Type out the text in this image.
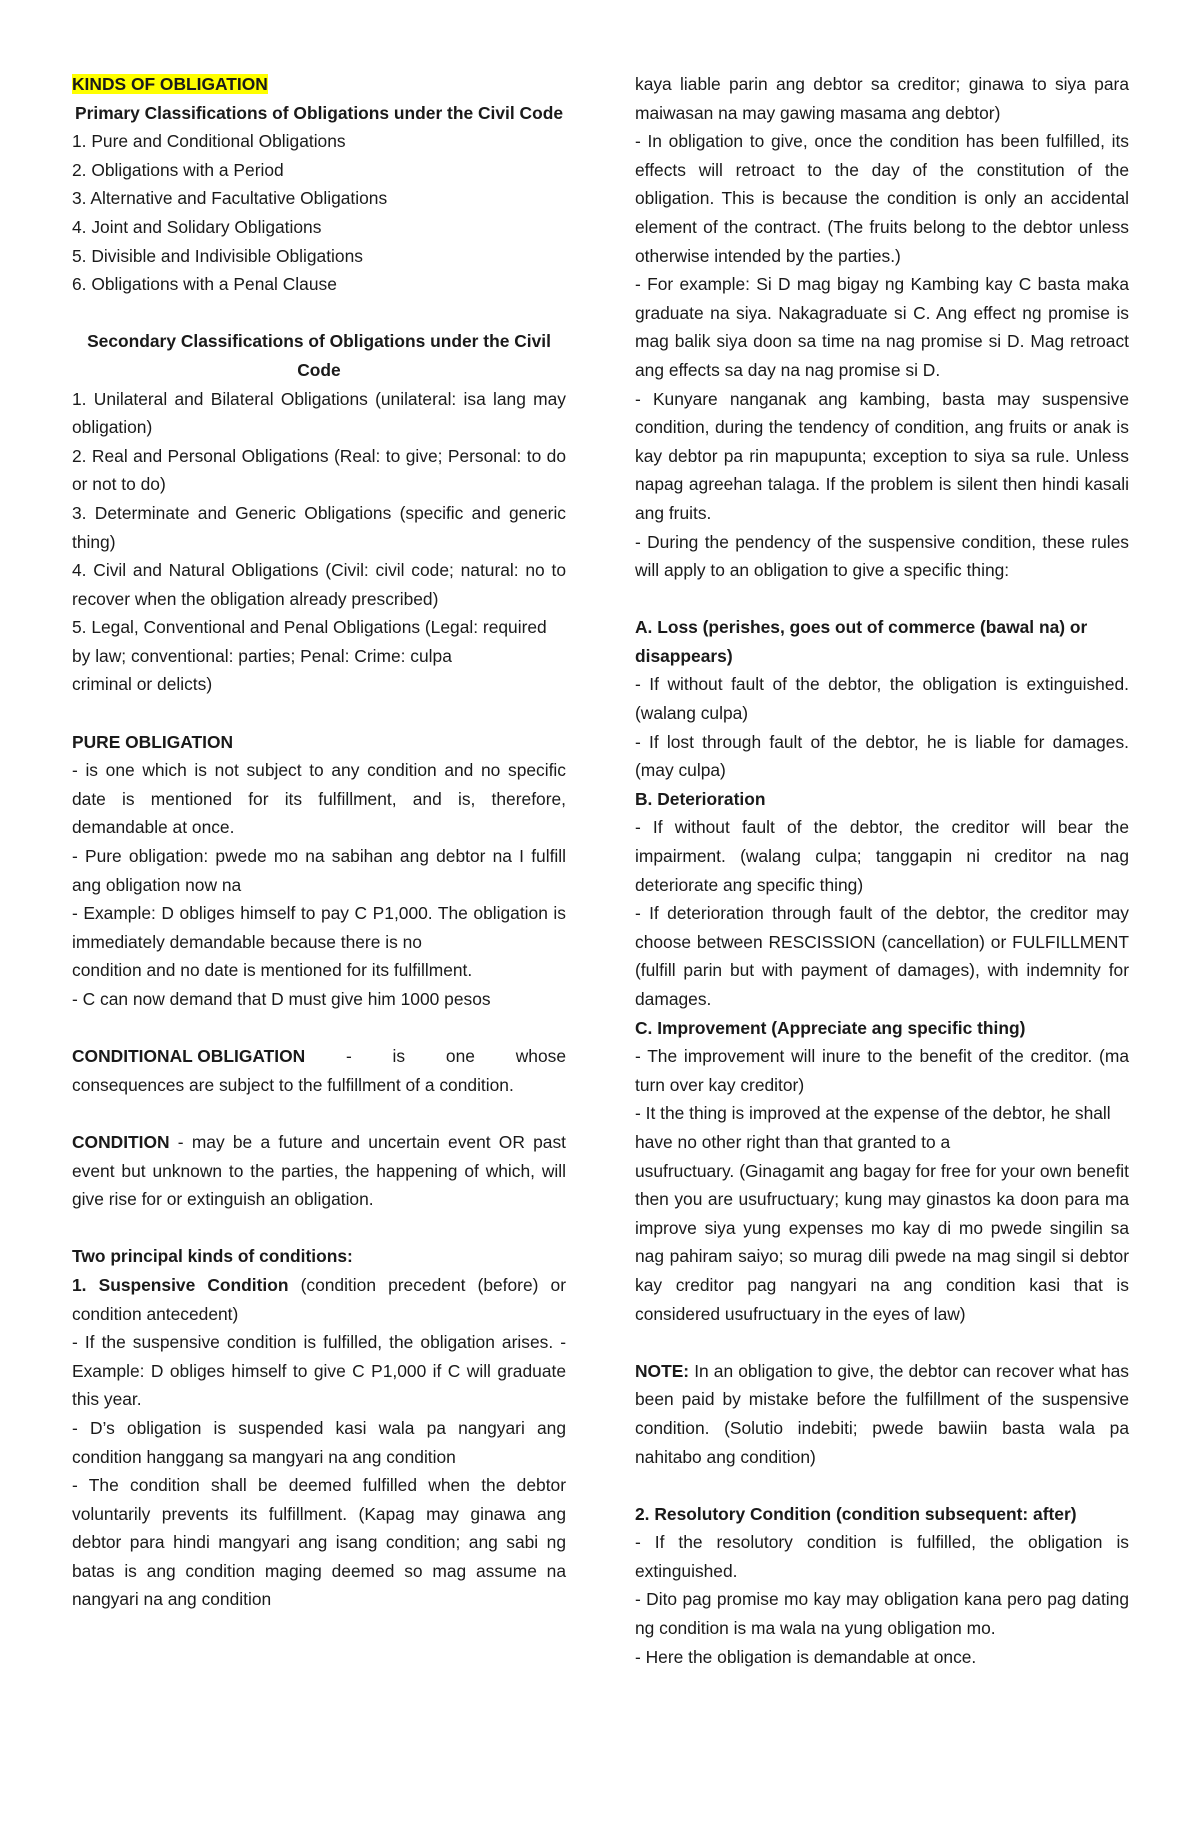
KINDS OF OBLIGATION

Primary Classifications of Obligations under the Civil Code

1. Pure and Conditional Obligations

2. Obligations with a Period

3. Alternative and Facultative Obligations

4. Joint and Solidary Obligations

5. Divisible and Indivisible Obligations

6. Obligations with a Penal Clause

Secondary Classifications of Obligations under the Civil Code

1. Unilateral and Bilateral Obligations (unilateral: isa lang may obligation)

2. Real and Personal Obligations (Real: to give; Personal: to do or not to do)

3. Determinate and Generic Obligations (specific and generic thing)

4. Civil and Natural Obligations (Civil: civil code; natural: no to recover when the obligation already prescribed)

5. Legal, Conventional and Penal Obligations (Legal: required by law; conventional: parties; Penal: Crime: culpa

criminal or delicts)

PURE OBLIGATION

- is one which is not subject to any condition and no specific date is mentioned for its fulfillment, and is, therefore, demandable at once.

- Pure obligation: pwede mo na sabihan ang debtor na I fulfill ang obligation now na

- Example: D obliges himself to pay C P1,000. The obligation is immediately demandable because there is no

condition and no date is mentioned for its fulfillment.

- C can now demand that D must give him 1000 pesos

CONDITIONAL OBLIGATION - is one whose

consequences are subject to the fulfillment of a condition.

CONDITION - may be a future and uncertain event OR past event but unknown to the parties, the happening of which, will give rise for or extinguish an obligation.

Two principal kinds of conditions:

1. Suspensive Condition (condition precedent (before) or condition antecedent)

- If the suspensive condition is fulfilled, the obligation arises. - Example: D obliges himself to give C P1,000 if C will graduate this year.

- D’s obligation is suspended kasi wala pa nangyari ang condition hanggang sa mangyari na ang condition

- The condition shall be deemed fulfilled when the debtor voluntarily prevents its fulfillment. (Kapag may ginawa ang debtor para hindi mangyari ang isang condition; ang sabi ng batas is ang condition maging deemed so mag assume na nangyari na ang condition

kaya liable parin ang debtor sa creditor; ginawa to siya para maiwasan na may gawing masama ang debtor)

- In obligation to give, once the condition has been fulfilled, its effects will retroact to the day of the constitution of the obligation. This is because the condition is only an accidental element of the contract. (The fruits belong to the debtor unless otherwise intended by the parties.)

- For example: Si D mag bigay ng Kambing kay C basta maka graduate na siya. Nakagraduate si C. Ang effect ng promise is mag balik siya doon sa time na nag promise si D. Mag retroact ang effects sa day na nag promise si D.

- Kunyare nanganak ang kambing, basta may suspensive condition, during the tendency of condition, ang fruits or anak is kay debtor pa rin mapupunta; exception to siya sa rule. Unless napag agreehan talaga. If the problem is silent then hindi kasali ang fruits.

- During the pendency of the suspensive condition, these rules will apply to an obligation to give a specific thing:

A. Loss (perishes, goes out of commerce (bawal na) or disappears)

- If without fault of the debtor, the obligation is extinguished. (walang culpa)

- If lost through fault of the debtor, he is liable for damages. (may culpa)

B. Deterioration

- If without fault of the debtor, the creditor will bear the impairment. (walang culpa; tanggapin ni creditor na nag deteriorate ang specific thing)

- If deterioration through fault of the debtor, the creditor may choose between RESCISSION (cancellation) or FULFILLMENT (fulfill parin but with payment of damages), with indemnity for damages.

C. Improvement (Appreciate ang specific thing)

- The improvement will inure to the benefit of the creditor. (ma turn over kay creditor)

- It the thing is improved at the expense of the debtor, he shall have no other right than that granted to a

usufructuary. (Ginagamit ang bagay for free for your own benefit then you are usufructuary; kung may ginastos ka doon para ma improve siya yung expenses mo kay di mo pwede singilin sa nag pahiram saiyo; so murag dili pwede na mag singil si debtor kay creditor pag nangyari na ang condition kasi that is considered usufructuary in the eyes of law)

NOTE: In an obligation to give, the debtor can recover what has been paid by mistake before the fulfillment of the suspensive condition. (Solutio indebiti; pwede bawiin basta wala pa nahitabo ang condition)

2. Resolutory Condition (condition subsequent: after)

- If the resolutory condition is fulfilled, the obligation is extinguished.

- Dito pag promise mo kay may obligation kana pero pag dating ng condition is ma wala na yung obligation mo.

- Here the obligation is demandable at once.
